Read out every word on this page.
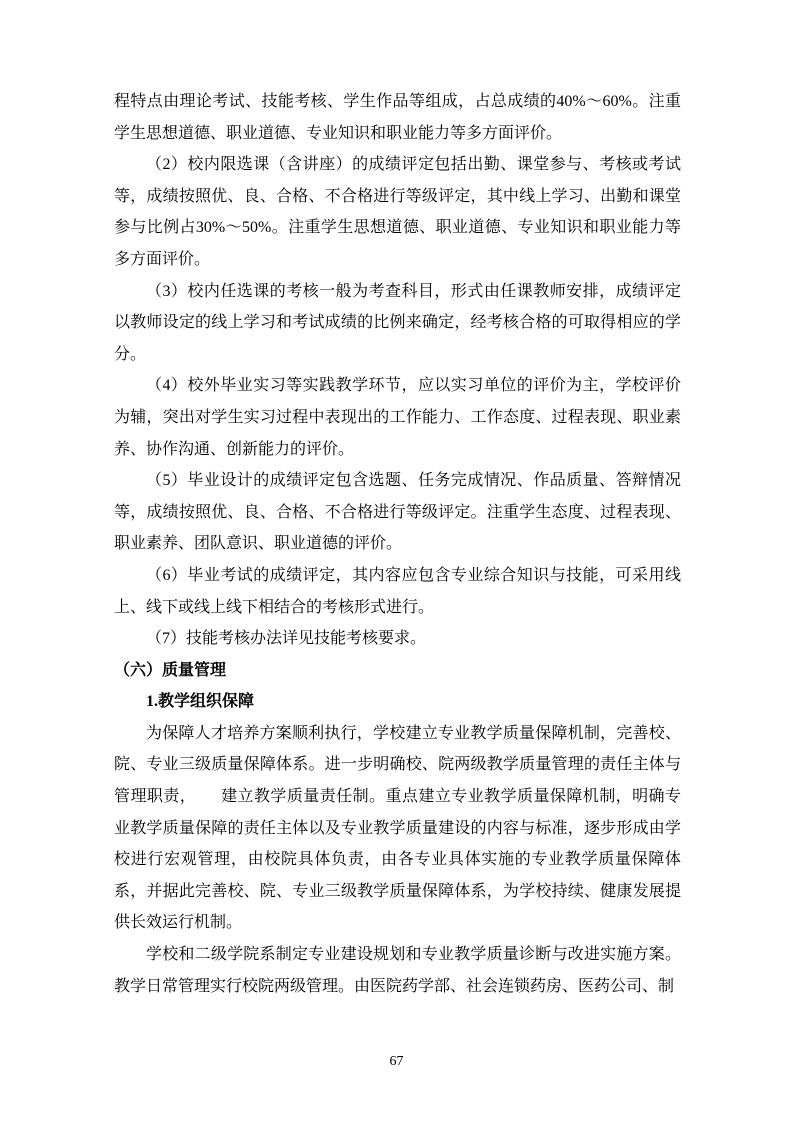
程特点由理论考试、技能考核、学生作品等组成，占总成绩的40%～60%。注重学生思想道德、职业道德、专业知识和职业能力等多方面评价。

（2）校内限选课（含讲座）的成绩评定包括出勤、课堂参与、考核或考试等，成绩按照优、良、合格、不合格进行等级评定，其中线上学习、出勤和课堂参与比例占30%～50%。注重学生思想道德、职业道德、专业知识和职业能力等多方面评价。

（3）校内任选课的考核一般为考查科目，形式由任课教师安排，成绩评定以教师设定的线上学习和考试成绩的比例来确定，经考核合格的可取得相应的学分。

（4）校外毕业实习等实践教学环节，应以实习单位的评价为主，学校评价为辅，突出对学生实习过程中表现出的工作能力、工作态度、过程表现、职业素养、协作沟通、创新能力的评价。

（5）毕业设计的成绩评定包含选题、任务完成情况、作品质量、答辩情况等，成绩按照优、良、合格、不合格进行等级评定。注重学生态度、过程表现、职业素养、团队意识、职业道德的评价。

（6）毕业考试的成绩评定，其内容应包含专业综合知识与技能，可采用线上、线下或线上线下相结合的考核形式进行。

（7）技能考核办法详见技能考核要求。

（六）质量管理

1.教学组织保障

为保障人才培养方案顺利执行，学校建立专业教学质量保障机制，完善校、院、专业三级质量保障体系。进一步明确校、院两级教学质量管理的责任主体与管理职责，　　建立教学质量责任制。重点建立专业教学质量保障机制，明确专业教学质量保障的责任主体以及专业教学质量建设的内容与标准，逐步形成由学校进行宏观管理，由校院具体负责，由各专业具体实施的专业教学质量保障体系，并据此完善校、院、专业三级教学质量保障体系，为学校持续、健康发展提供长效运行机制。

学校和二级学院系制定专业建设规划和专业教学质量诊断与改进实施方案。教学日常管理实行校院两级管理。由医院药学部、社会连锁药房、医药公司、制

67
